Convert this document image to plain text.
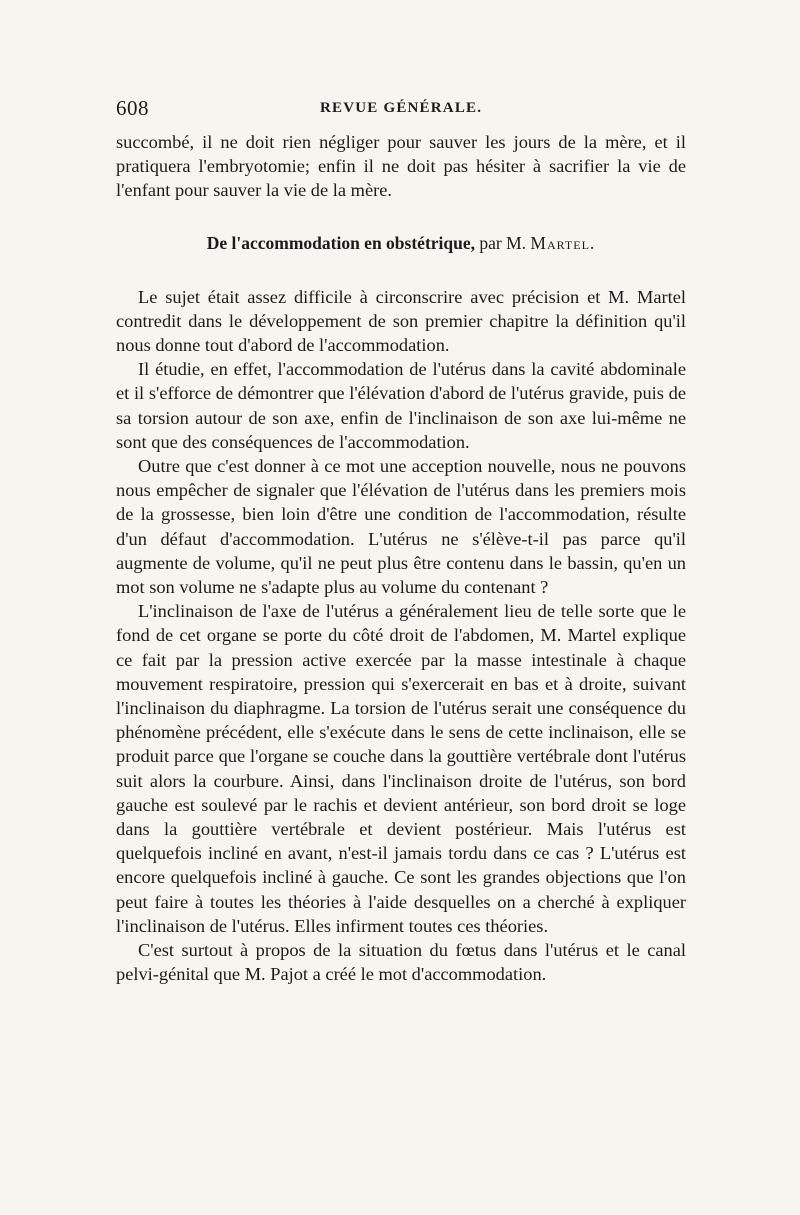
608	REVUE GÉNÉRALE.

succombé, il ne doit rien négliger pour sauver les jours de la mère, et il pratiquera l'embryotomie; enfin il ne doit pas hésiter à sacrifier la vie de l'enfant pour sauver la vie de la mère.

De l'accommodation en obstétrique, par M. Martel.

Le sujet était assez difficile à circonscrire avec précision et M. Martel contredit dans le développement de son premier chapitre la définition qu'il nous donne tout d'abord de l'accommodation.

Il étudie, en effet, l'accommodation de l'utérus dans la cavité abdominale et il s'efforce de démontrer que l'élévation d'abord de l'utérus gravide, puis de sa torsion autour de son axe, enfin de l'inclinaison de son axe lui-même ne sont que des conséquences de l'accommodation.

Outre que c'est donner à ce mot une acception nouvelle, nous ne pouvons nous empêcher de signaler que l'élévation de l'utérus dans les premiers mois de la grossesse, bien loin d'être une condition de l'accommodation, résulte d'un défaut d'accommodation. L'utérus ne s'élève-t-il pas parce qu'il augmente de volume, qu'il ne peut plus être contenu dans le bassin, qu'en un mot son volume ne s'adapte plus au volume du contenant ?

L'inclinaison de l'axe de l'utérus a généralement lieu de telle sorte que le fond de cet organe se porte du côté droit de l'abdomen, M. Martel explique ce fait par la pression active exercée par la masse intestinale à chaque mouvement respiratoire, pression qui s'exercerait en bas et à droite, suivant l'inclinaison du diaphragme. La torsion de l'utérus serait une conséquence du phénomène précédent, elle s'exécute dans le sens de cette inclinaison, elle se produit parce que l'organe se couche dans la gouttière vertébrale dont l'utérus suit alors la courbure. Ainsi, dans l'inclinaison droite de l'utérus, son bord gauche est soulevé par le rachis et devient antérieur, son bord droit se loge dans la gouttière vertébrale et devient postérieur. Mais l'utérus est quelquefois incliné en avant, n'est-il jamais tordu dans ce cas ? L'utérus est encore quelquefois incliné à gauche. Ce sont les grandes objections que l'on peut faire à toutes les théories à l'aide desquelles on a cherché à expliquer l'inclinaison de l'utérus. Elles infirment toutes ces théories.

C'est surtout à propos de la situation du fœtus dans l'utérus et le canal pelvi-génital que M. Pajot a créé le mot d'accommodation.
